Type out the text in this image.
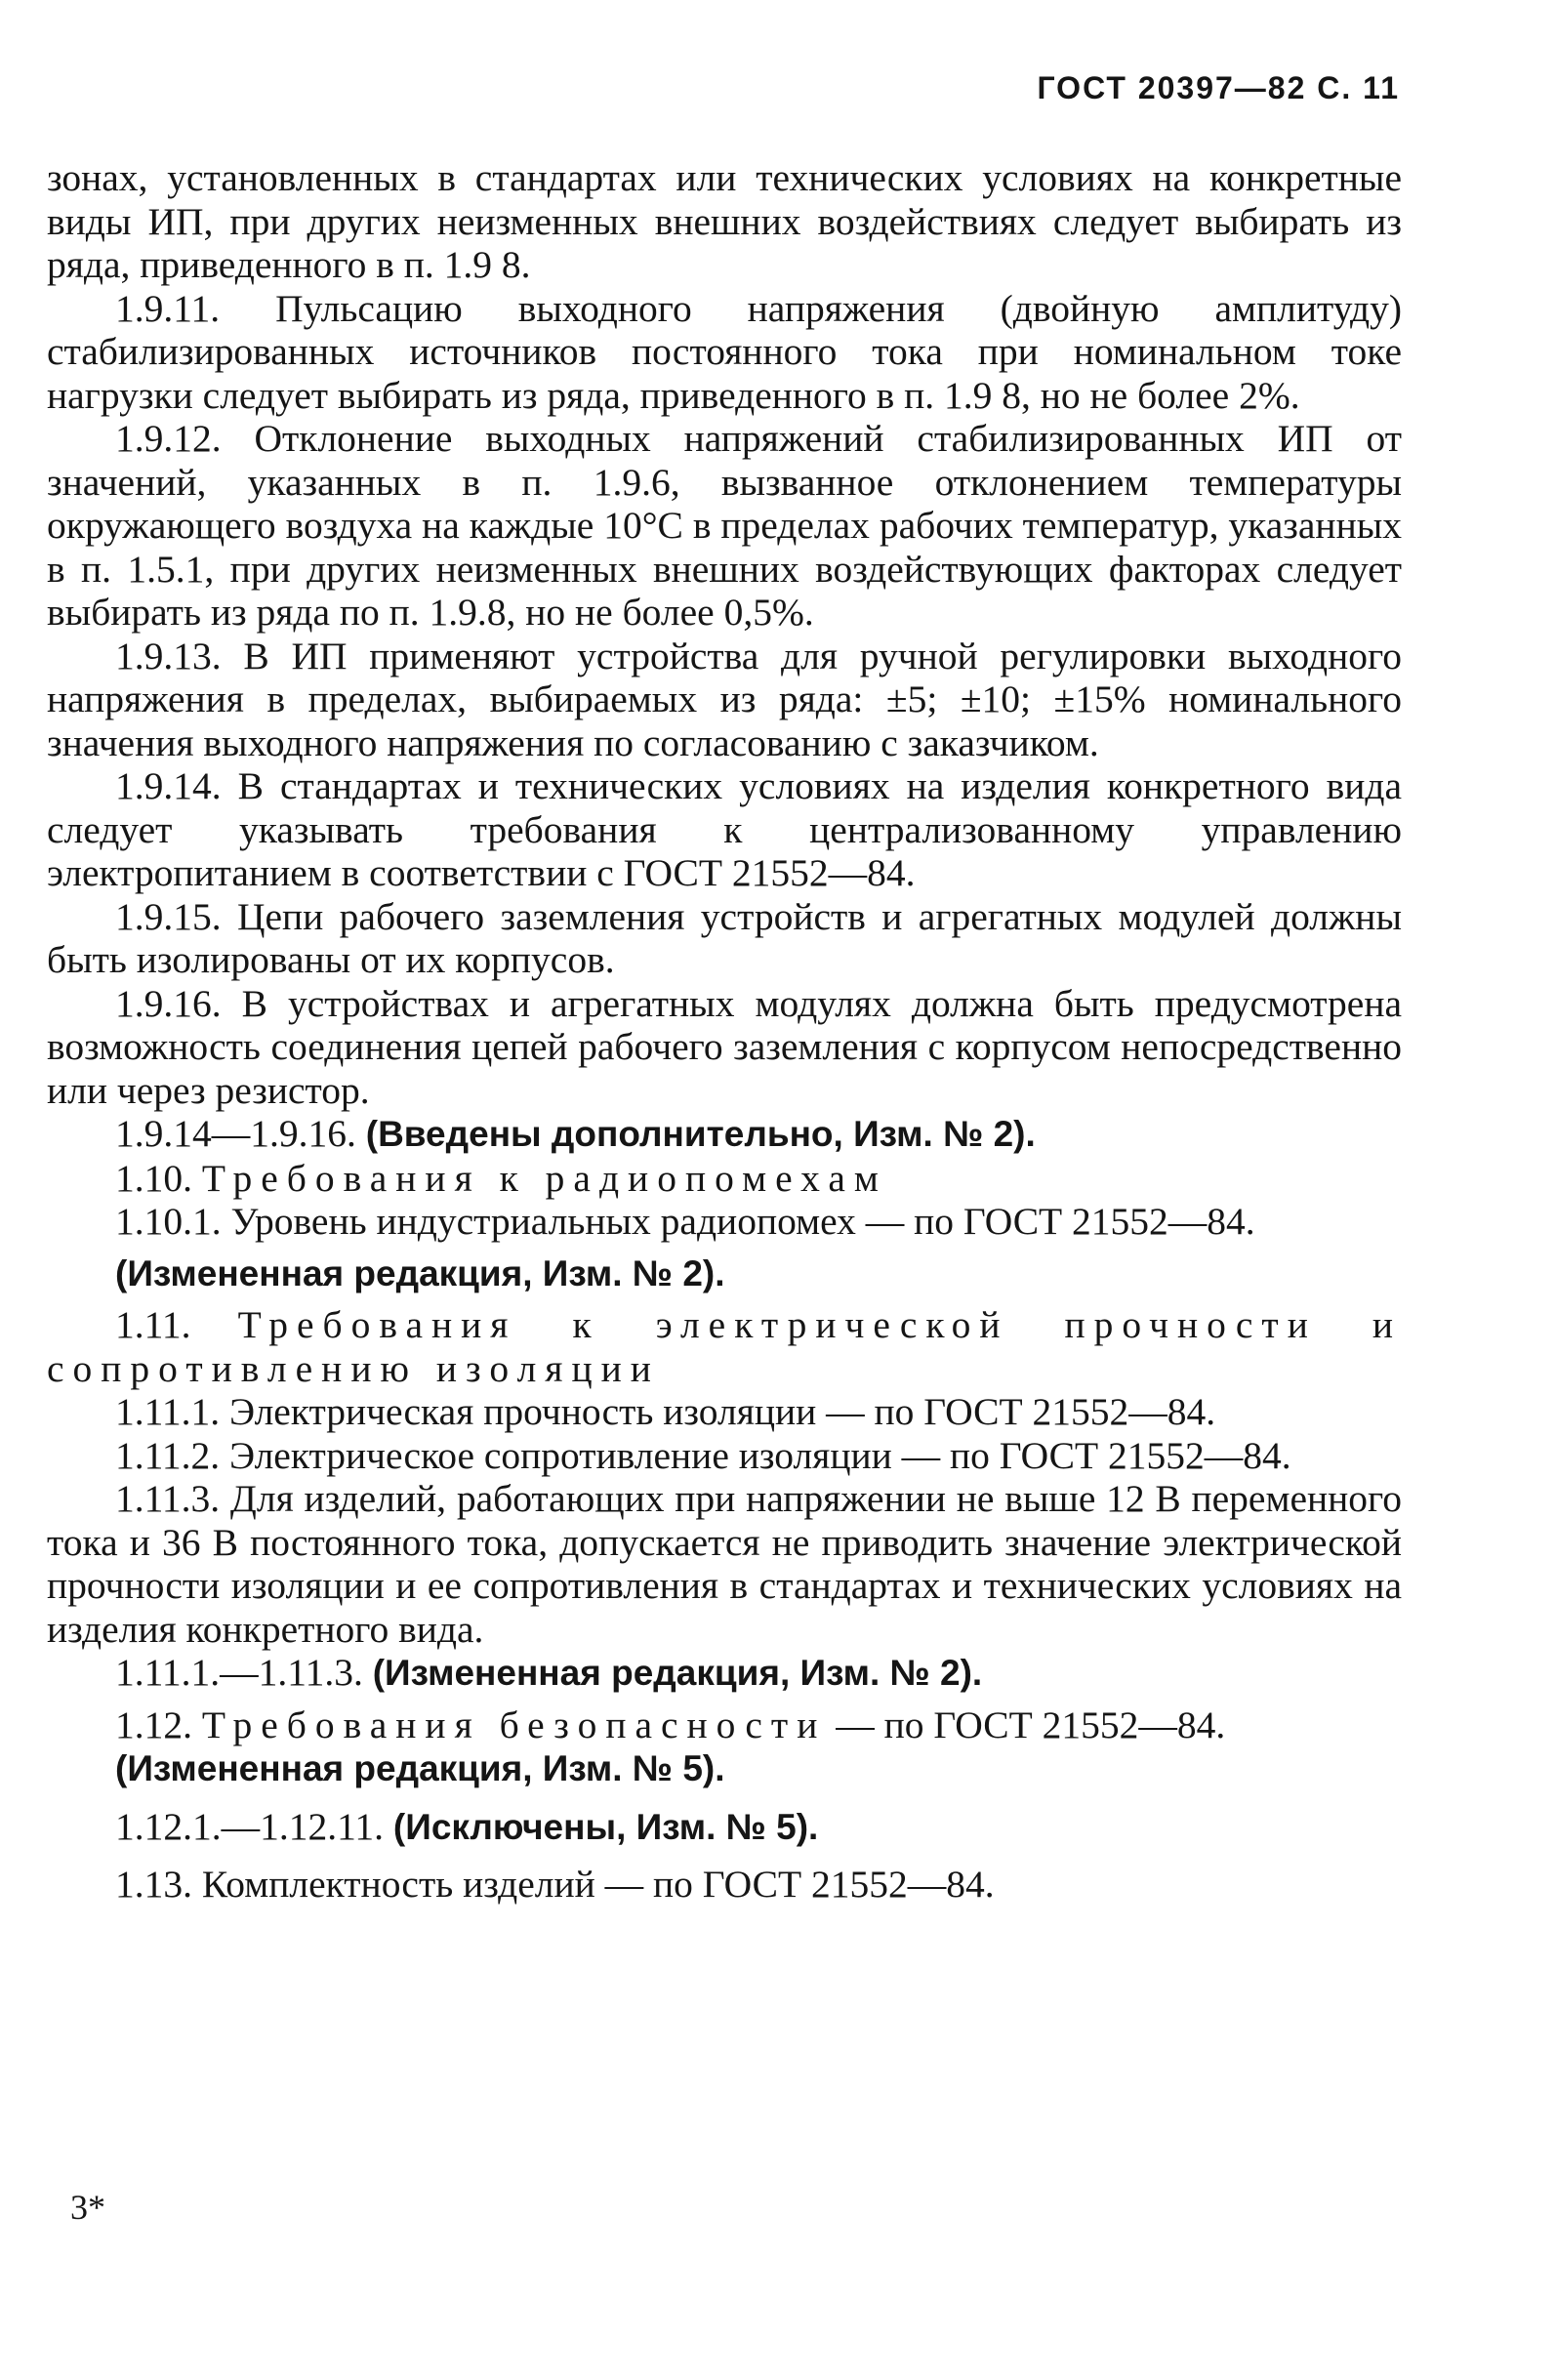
ГОСТ 20397—82 С. 11

зонах, установленных в стандартах или технических условиях на конкретные виды ИП, при других неизменных внешних воздействиях следует выбирать из ряда, приведенного в п. 1.9 8.

1.9.11. Пульсацию выходного напряжения (двойную амплитуду) стабилизированных источников постоянного тока при номинальном токе нагрузки следует выбирать из ряда, приведенного в п. 1.9 8, но не более 2%.

1.9.12. Отклонение выходных напряжений стабилизированных ИП от значений, указанных в п. 1.9.6, вызванное отклонением температуры окружающего воздуха на каждые 10°С в пределах рабочих температур, указанных в п. 1.5.1, при других неизменных внешних воздействующих факторах следует выбирать из ряда по п. 1.9.8, но не более 0,5%.

1.9.13. В ИП применяют устройства для ручной регулировки выходного напряжения в пределах, выбираемых из ряда: ±5; ±10; ±15% номинального значения выходного напряжения по согласованию с заказчиком.

1.9.14. В стандартах и технических условиях на изделия конкретного вида следует указывать требования к централизованному управлению электропитанием в соответствии с ГОСТ 21552—84.

1.9.15. Цепи рабочего заземления устройств и агрегатных модулей должны быть изолированы от их корпусов.

1.9.16. В устройствах и агрегатных модулях должна быть предусмотрена возможность соединения цепей рабочего заземления с корпусом непосредственно или через резистор.

1.9.14—1.9.16. (Введены дополнительно, Изм. № 2).

1.10. Требования к радиопомехам

1.10.1. Уровень индустриальных радиопомех — по ГОСТ 21552—84.

(Измененная редакция, Изм. № 2).

1.11. Требования к электрической прочности и сопротивлению изоляции

1.11.1. Электрическая прочность изоляции — по ГОСТ 21552—84.

1.11.2. Электрическое сопротивление изоляции — по ГОСТ 21552—84.

1.11.3. Для изделий, работающих при напряжении не выше 12 В переменного тока и 36 В постоянного тока, допускается не приводить значение электрической прочности изоляции и ее сопротивления в стандартах и технических условиях на изделия конкретного вида.

1.11.1.—1.11.3. (Измененная редакция, Изм. № 2).

1.12. Требования безопасности — по ГОСТ 21552—84.

(Измененная редакция, Изм. № 5).

1.12.1.—1.12.11. (Исключены, Изм. № 5).

1.13. Комплектность изделий — по ГОСТ 21552—84.

3*
